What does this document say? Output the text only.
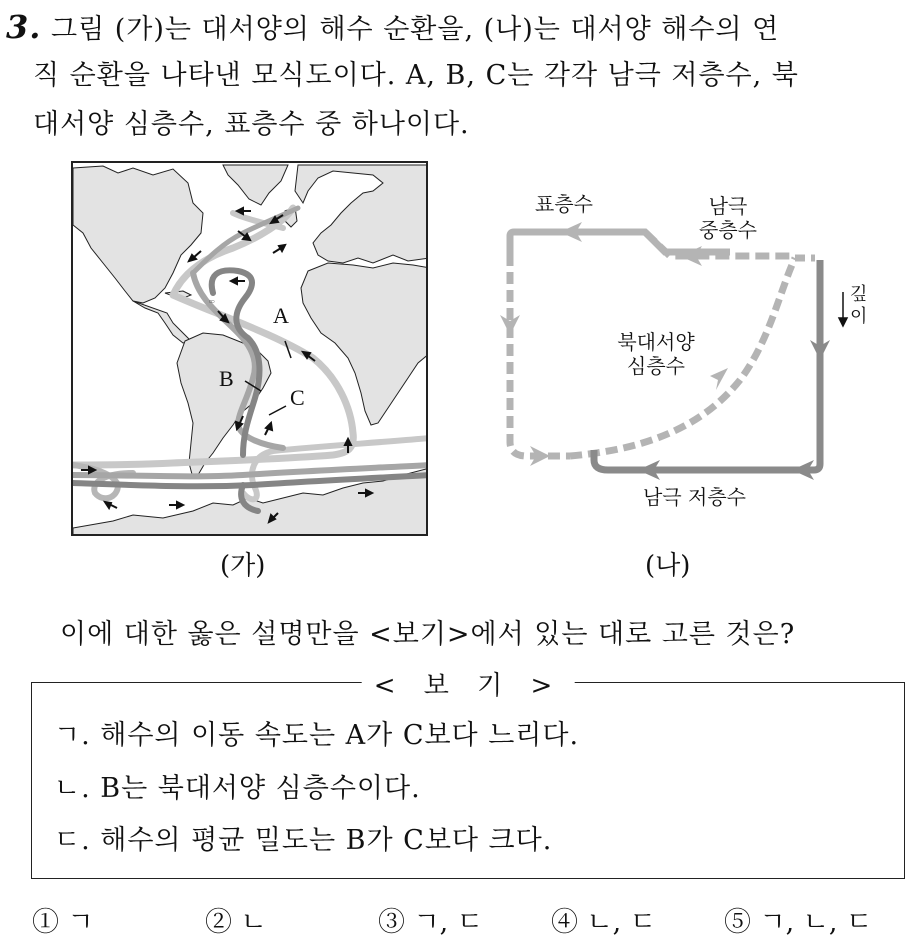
3. 그림 (가)는 대서양의 해수 순환을, (나)는 대서양 해수의 연
직 순환을 나타낸 모식도이다. A, B, C는 각각 남극 저층수, 북
대서양 심층수, 표층수 중 하나이다.
ထ
A
B
C
(가)
표층수	남극
중층수
북대서양
심층수
남극 저층수
깊
이
(나)
이에 대한 옳은 설명만을 <보기>에서 있는 대로 고른 것은?
< 보 기 >
ㄱ. 해수의 이동 속도는 A가 C보다 느리다.
ㄴ. B는 북대서양 심층수이다.
ㄷ. 해수의 평균 밀도는 B가 C보다 크다.
① ㄱ	② ㄴ	③ ㄱ, ㄷ	④ ㄴ, ㄷ	⑤ ㄱ, ㄴ, ㄷ
